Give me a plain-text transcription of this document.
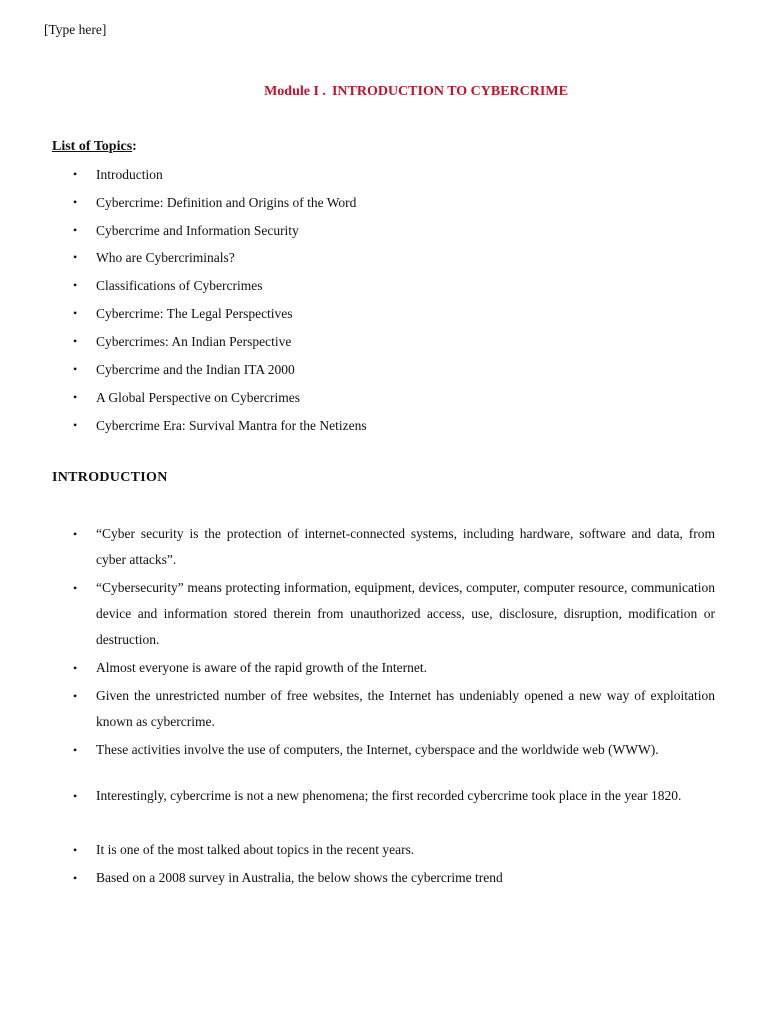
[Type here]
Module I . INTRODUCTION TO CYBERCRIME
List of Topics:
• Introduction
• Cybercrime: Definition and Origins of the Word
• Cybercrime and Information Security
• Who are Cybercriminals?
• Classifications of Cybercrimes
• Cybercrime: The Legal Perspectives
• Cybercrimes: An Indian Perspective
• Cybercrime and the Indian ITA 2000
• A Global Perspective on Cybercrimes
• Cybercrime Era: Survival Mantra for the Netizens
INTRODUCTION
• “Cyber security is the protection of internet-connected systems, including hardware, software and data, from cyber attacks”.
• “Cybersecurity” means protecting information, equipment, devices, computer, computer resource, communication device and information stored therein from unauthorized access, use, disclosure, disruption, modification or destruction.
• Almost everyone is aware of the rapid growth of the Internet.
• Given the unrestricted number of free websites, the Internet has undeniably opened a new way of exploitation known as cybercrime.
• These activities involve the use of computers, the Internet, cyberspace and the worldwide web (WWW).
• Interestingly, cybercrime is not a new phenomena; the first recorded cybercrime took place in the year 1820.
• It is one of the most talked about topics in the recent years.
• Based on a 2008 survey in Australia, the below shows the cybercrime trend
